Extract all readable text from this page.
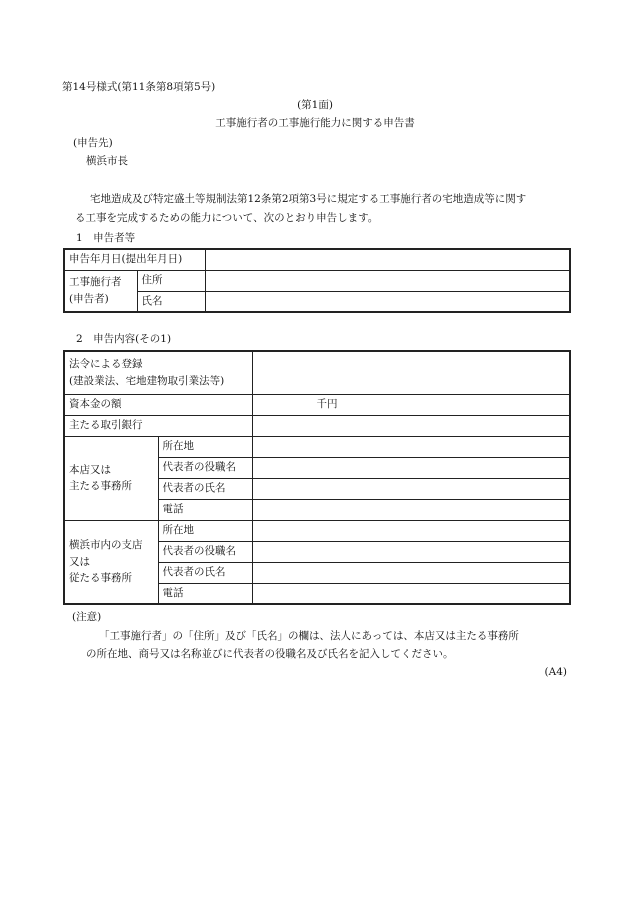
第14号様式(第11条第8項第5号)
(第1面)
工事施行者の工事施行能力に関する申告書
(申告先)
横浜市長
宅地造成及び特定盛土等規制法第12条第2項第3号に規定する工事施行者の宅地造成等に関す
る工事を完成するための能力について、次のとおり申告します。
1　申告者等
申告年月日(提出年月日)		
工事施行者
(申告者)	住所	
	氏名	
2　申告内容(その1)
法令による登録
(建設業法、宅地建物取引業法等)		
資本金の額		千円
主たる取引銀行		
本店又は
主たる事務所	所在地	
	代表者の役職名	
	代表者の氏名	
	電話	
横浜市内の支店
又は
従たる事務所	所在地	
	代表者の役職名	
	代表者の氏名	
	電話	
(注意)
「工事施行者」の「住所」及び「氏名」の欄は、法人にあっては、本店又は主たる事務所
の所在地、商号又は名称並びに代表者の役職名及び氏名を記入してください。
(A4)
